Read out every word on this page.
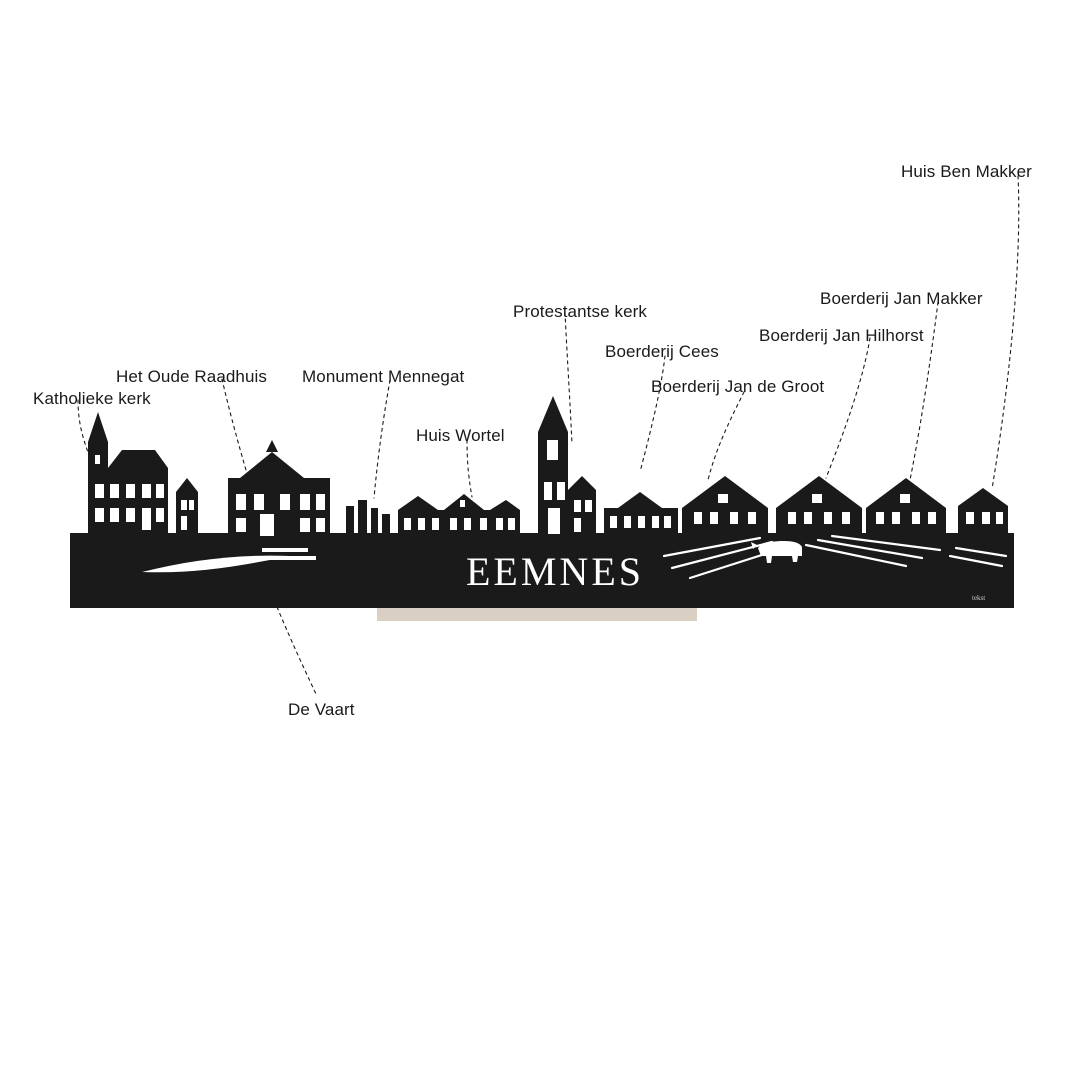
EEMNES
tekst
Katholieke kerk
Het Oude Raadhuis Monument Mennegat
Huis Wortel
Protestantse kerk
Boerderij Cees
Boerderij Jan de Groot
Boerderij Jan Hilhorst
Boerderij Jan Makker
Huis Ben Makker
De Vaart
